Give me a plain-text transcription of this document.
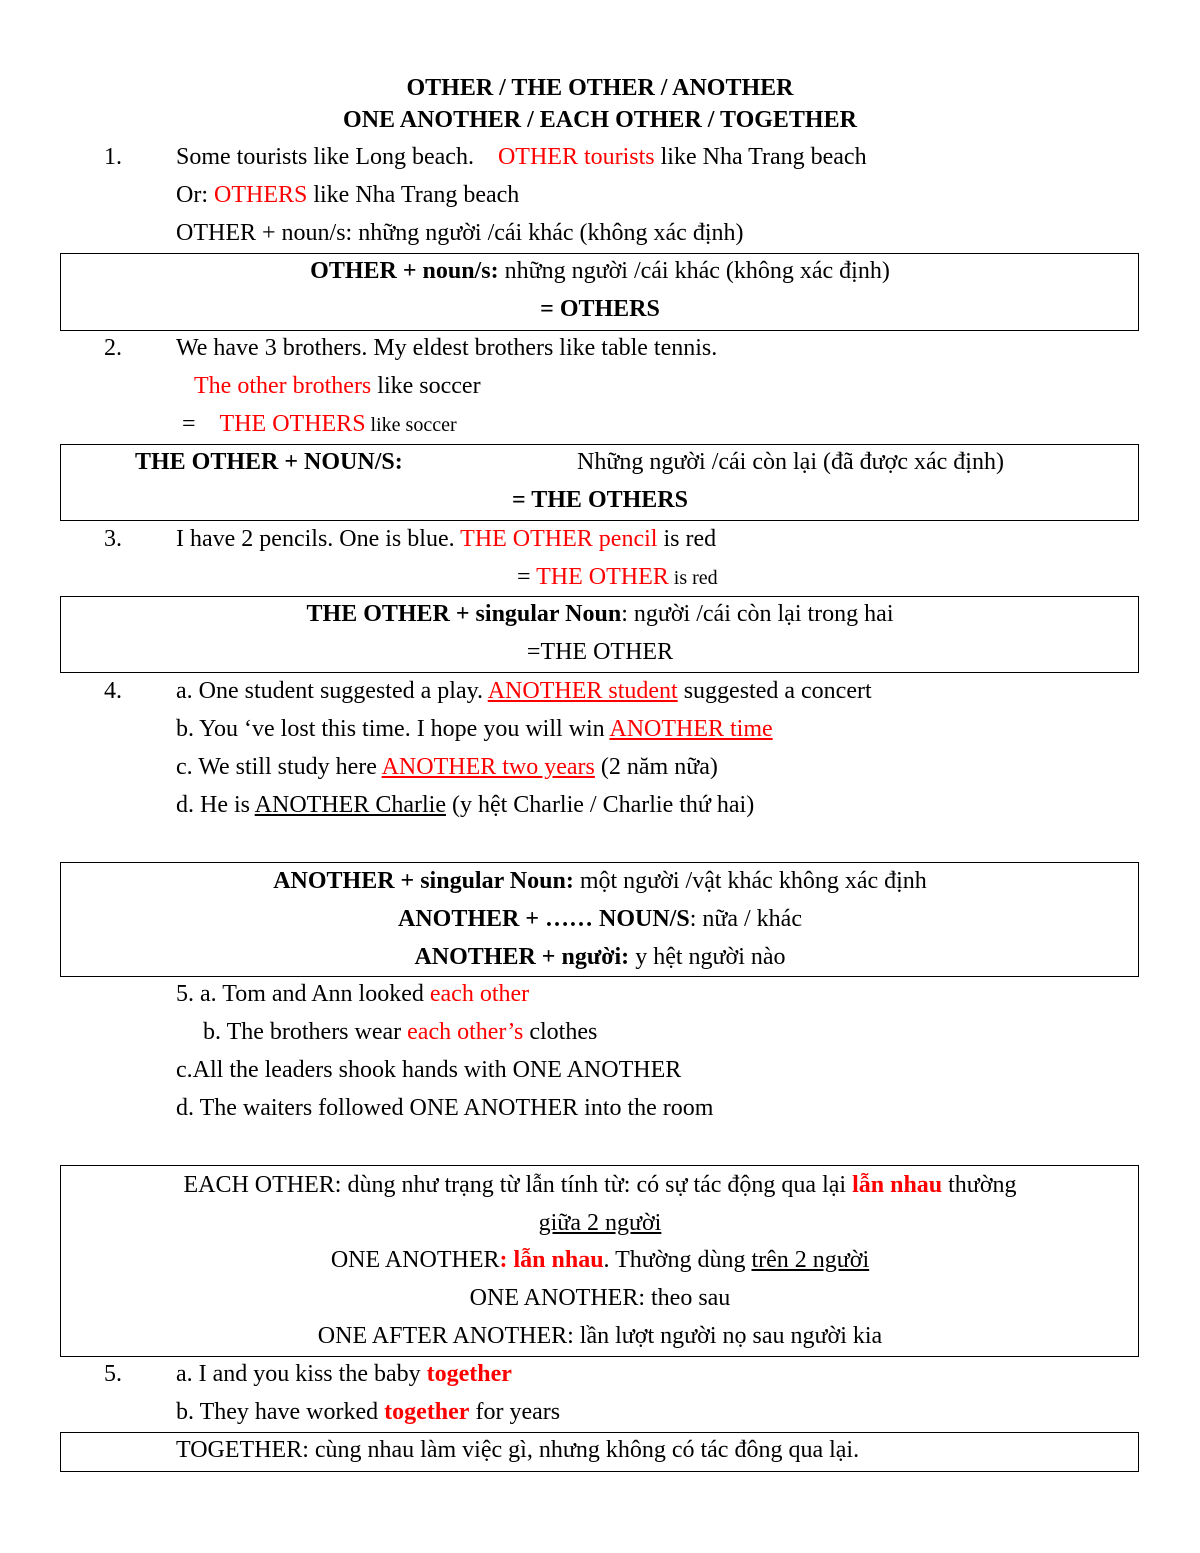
OTHER / THE OTHER / ANOTHER
ONE ANOTHER / EACH OTHER / TOGETHER
1. Some tourists like Long beach. OTHER tourists like Nha Trang beach
Or: OTHERS like Nha Trang beach
OTHER + noun/s: những người /cái khác (không xác định)
OTHER + noun/s: những người /cái khác (không xác định)
= OTHERS
2. We have 3 brothers. My eldest brothers like table tennis.
The other brothers like soccer
= THE OTHERS like soccer
THE OTHER + NOUN/S:	Những người /cái còn lại (đã được xác định)
= THE OTHERS
3. I have 2 pencils. One is blue. THE OTHER pencil is red
= THE OTHER is red
THE OTHER + singular Noun: người /cái còn lại trong hai
=THE OTHER
4. a. One student suggested a play. ANOTHER student suggested a concert
b. You ‘ve lost this time. I hope you will win ANOTHER time
c. We still study here ANOTHER two years (2 năm nữa)
d. He is ANOTHER Charlie (y hệt Charlie / Charlie thứ hai)
ANOTHER + singular Noun: một người /vật khác không xác định
ANOTHER + …… NOUN/S: nữa / khác
ANOTHER + người: y hệt người nào
5. a. Tom and Ann looked each other
b. The brothers wear each other’s clothes
c.All the leaders shook hands with ONE ANOTHER
d. The waiters followed ONE ANOTHER into the room
EACH OTHER: dùng như trạng từ lẫn tính từ: có sự tác động qua lại lẫn nhau thường
giữa 2 người
ONE ANOTHER: lẫn nhau. Thường dùng trên 2 người
ONE ANOTHER: theo sau
ONE AFTER ANOTHER: lần lượt người nọ sau người kia
5. a. I and you kiss the baby together
b. They have worked together for years
TOGETHER: cùng nhau làm việc gì, nhưng không có tác đông qua lại.
